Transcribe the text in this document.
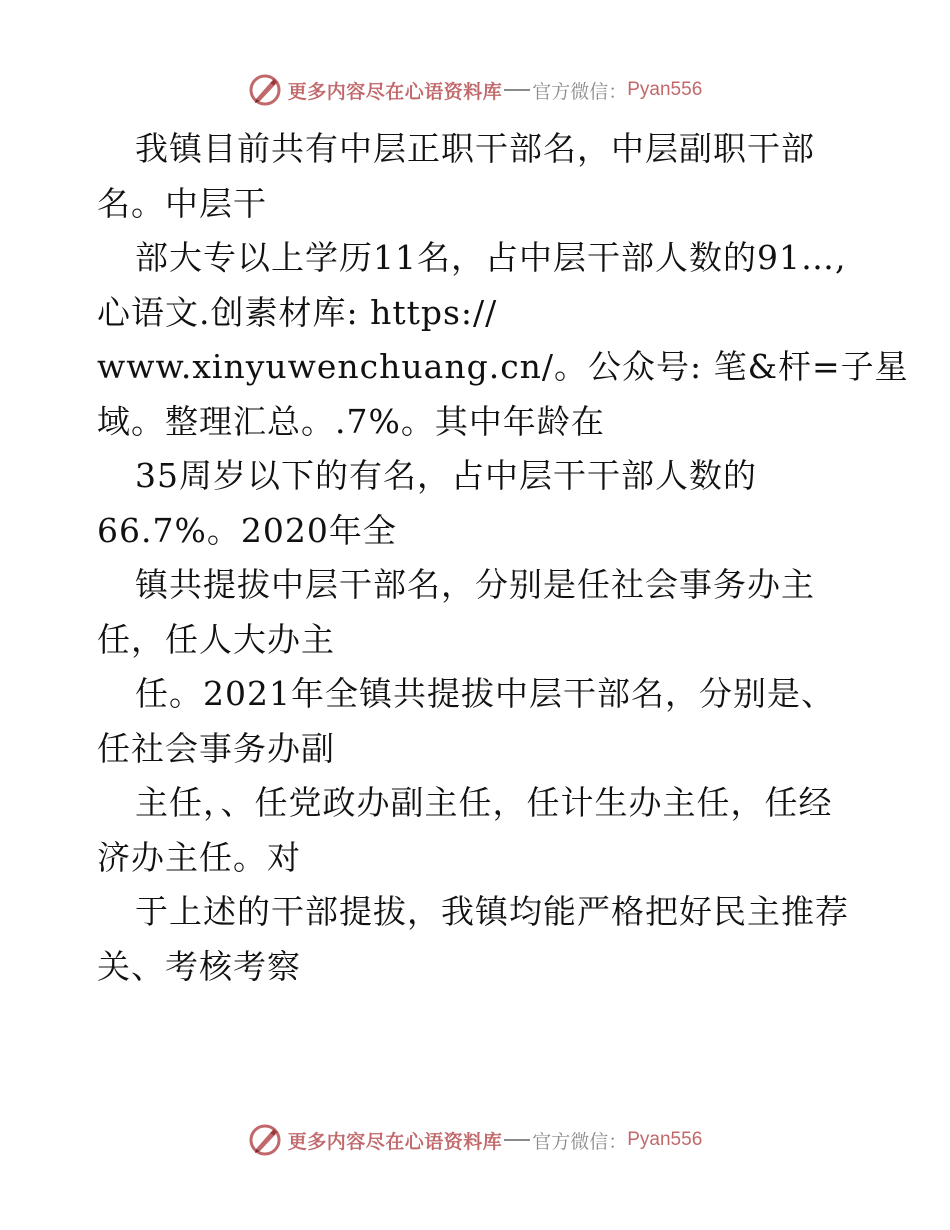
更多内容尽在心语资料库 官方微信： Pyan556
我镇目前共有中层正职干部名，中层副职干部
名。中层干
部大专以上学历11名，占中层干部人数的91…,
心语文.创素材库: https://
www.xinyuwenchuang.cn/。公众号: 笔&杆=子星
域。整理汇总。.7%。其中年龄在
35周岁以下的有名，占中层干干部人数的
66.7%。2020年全
镇共提拔中层干部名，分别是任社会事务办主
任，任人大办主
任。2021年全镇共提拔中层干部名，分别是、
任社会事务办副
主任，、任党政办副主任，任计生办主任，任经
济办主任。对
于上述的干部提拔，我镇均能严格把好民主推荐
关、考核考察
更多内容尽在心语资料库 官方微信： Pyan556
